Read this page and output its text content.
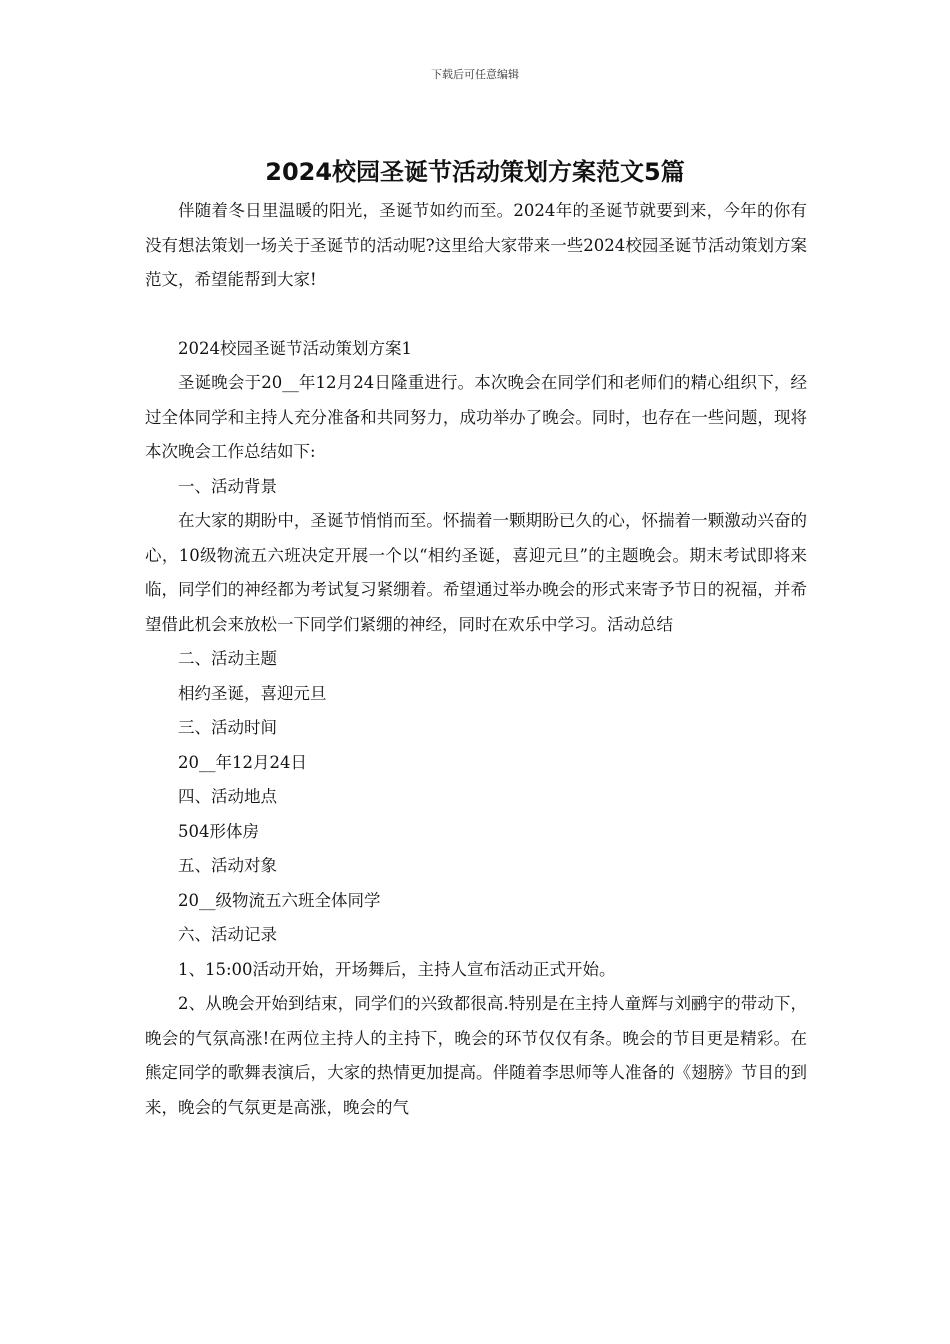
下载后可任意编辑
2024校园圣诞节活动策划方案范文5篇

伴随着冬日里温暖的阳光，圣诞节如约而至。2024年的圣诞节就要到来，今年的你有没有想法策划一场关于圣诞节的活动呢?这里给大家带来一些2024校园圣诞节活动策划方案范文，希望能帮到大家!

2024校园圣诞节活动策划方案1

圣诞晚会于20__年12月24日隆重进行。本次晚会在同学们和老师们的精心组织下，经过全体同学和主持人充分准备和共同努力，成功举办了晚会。同时，也存在一些问题，现将本次晚会工作总结如下:

一、活动背景

在大家的期盼中，圣诞节悄悄而至。怀揣着一颗期盼已久的心，怀揣着一颗激动兴奋的心，10级物流五六班决定开展一个以“相约圣诞，喜迎元旦”的主题晚会。期末考试即将来临，同学们的神经都为考试复习紧绷着。希望通过举办晚会的形式来寄予节日的祝福，并希望借此机会来放松一下同学们紧绷的神经，同时在欢乐中学习。活动总结

二、活动主题

相约圣诞，喜迎元旦

三、活动时间

20__年12月24日

四、活动地点

504形体房

五、活动对象

20__级物流五六班全体同学

六、活动记录

1、15:00活动开始，开场舞后，主持人宣布活动正式开始。

2、从晚会开始到结束，同学们的兴致都很高.特别是在主持人童辉与刘鹂宇的带动下，晚会的气氛高涨!在两位主持人的主持下，晚会的环节仅仅有条。晚会的节目更是精彩。在熊定同学的歌舞表演后，大家的热情更加提高。伴随着李思师等人准备的《翅膀》节目的到来，晚会的气氛更是高涨，晚会的气
